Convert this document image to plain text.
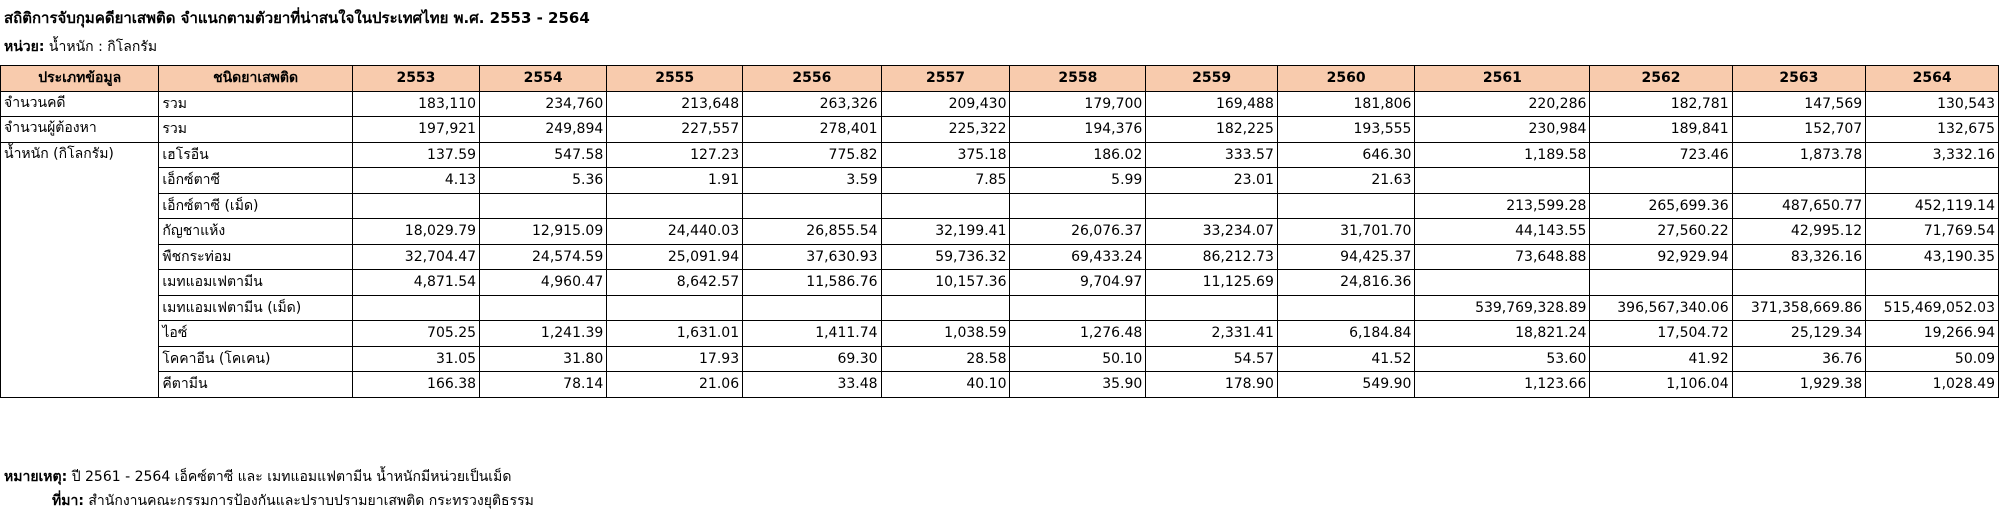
สถิติการจับกุมคดียาเสพติด จำแนกตามตัวยาที่น่าสนใจในประเทศไทย พ.ศ. 2553 - 2564
หน่วย: น้ำหนัก : กิโลกรัม
ประเภทข้อมูล	ชนิดยาเสพติด	2553	2554	2555	2556	2557	2558	2559	2560	2561	2562	2563	2564
จำนวนคดี	รวม	183,110	234,760	213,648	263,326	209,430	179,700	169,488	181,806	220,286	182,781	147,569	130,543
จำนวนผู้ต้องหา	รวม	197,921	249,894	227,557	278,401	225,322	194,376	182,225	193,555	230,984	189,841	152,707	132,675
น้ำหนัก (กิโลกรัม)	เฮโรอีน	137.59	547.58	127.23	775.82	375.18	186.02	333.57	646.30	1,189.58	723.46	1,873.78	3,332.16
	เอ็กซ์ตาซี	4.13	5.36	1.91	3.59	7.85	5.99	23.01	21.63				
	เอ็กซ์ตาซี (เม็ด)									213,599.28	265,699.36	487,650.77	452,119.14
	กัญชาแห้ง	18,029.79	12,915.09	24,440.03	26,855.54	32,199.41	26,076.37	33,234.07	31,701.70	44,143.55	27,560.22	42,995.12	71,769.54
	พืชกระท่อม	32,704.47	24,574.59	25,091.94	37,630.93	59,736.32	69,433.24	86,212.73	94,425.37	73,648.88	92,929.94	83,326.16	43,190.35
	เมทแอมเฟตามีน	4,871.54	4,960.47	8,642.57	11,586.76	10,157.36	9,704.97	11,125.69	24,816.36				
	เมทแอมเฟตามีน (เม็ด)									539,769,328.89	396,567,340.06	371,358,669.86	515,469,052.03
	ไอซ์	705.25	1,241.39	1,631.01	1,411.74	1,038.59	1,276.48	2,331.41	6,184.84	18,821.24	17,504.72	25,129.34	19,266.94
	โคคาอีน (โคเคน)	31.05	31.80	17.93	69.30	28.58	50.10	54.57	41.52	53.60	41.92	36.76	50.09
	คีตามีน	166.38	78.14	21.06	33.48	40.10	35.90	178.90	549.90	1,123.66	1,106.04	1,929.38	1,028.49
หมายเหตุ: ปี 2561 - 2564 เอ็คซ์ตาซี และ เมทแอมแฟตามีน น้ำหนักมีหน่วยเป็นเม็ด
ที่มา: สำนักงานคณะกรรมการป้องกันและปราบปรามยาเสพติด กระทรวงยุติธรรม
